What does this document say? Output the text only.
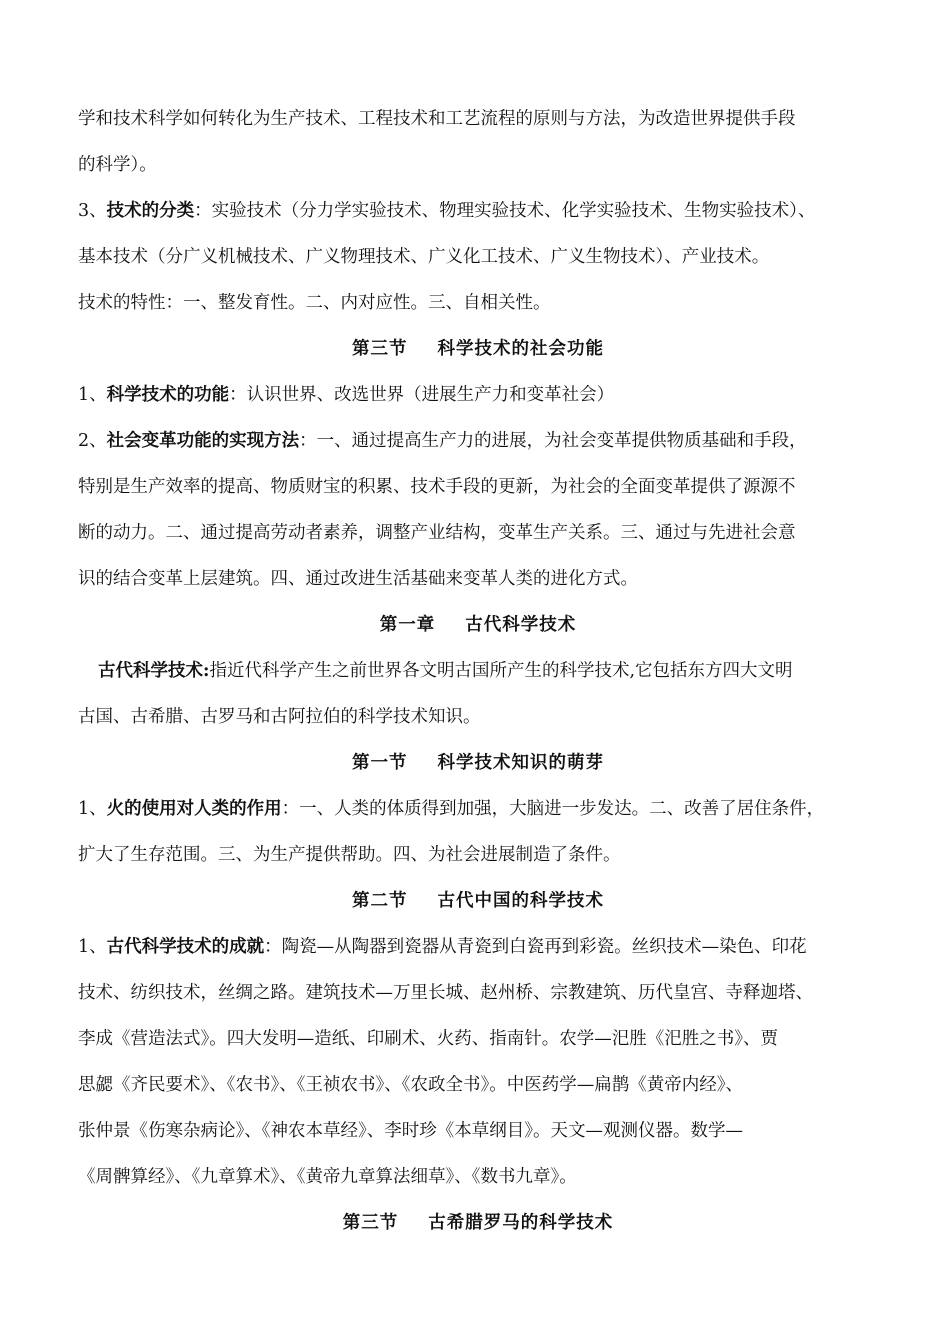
学和技术科学如何转化为生产技术、工程技术和工艺流程的原则与方法，为改造世界提供手段
的科学）。
3、技术的分类：实验技术（分力学实验技术、物理实验技术、化学实验技术、生物实验技术）、
基本技术（分广义机械技术、广义物理技术、广义化工技术、广义生物技术）、产业技术。
技术的特性：一、整发育性。二、内对应性。三、自相关性。
第三节 科学技术的社会功能
1、科学技术的功能：认识世界、改选世界（进展生产力和变革社会）
2、社会变革功能的实现方法：一、通过提高生产力的进展，为社会变革提供物质基础和手段，
特别是生产效率的提高、物质财宝的积累、技术手段的更新，为社会的全面变革提供了源源不
断的动力。二、通过提高劳动者素养，调整产业结构，变革生产关系。三、通过与先进社会意
识的结合变革上层建筑。四、通过改进生活基础来变革人类的进化方式。
第一章 古代科学技术
古代科学技术:指近代科学产生之前世界各文明古国所产生的科学技术,它包括东方四大文明
古国、古希腊、古罗马和古阿拉伯的科学技术知识。
第一节 科学技术知识的萌芽
1、火的使用对人类的作用：一、人类的体质得到加强，大脑进一步发达。二、改善了居住条件，
扩大了生存范围。三、为生产提供帮助。四、为社会进展制造了条件。
第二节 古代中国的科学技术
1、古代科学技术的成就：陶瓷—从陶器到瓷器从青瓷到白瓷再到彩瓷。丝织技术—染色、印花
技术、纺织技术，丝绸之路。建筑技术—万里长城、赵州桥、宗教建筑、历代皇宫、寺释迦塔、
李成《营造法式》。四大发明—造纸、印刷术、火药、指南针。农学—汜胜《汜胜之书》、贾
思勰《齐民要术》、《农书》、《王祯农书》、《农政全书》。中医药学—扁鹊《黄帝内经》、
张仲景《伤寒杂病论》、《神农本草经》、李时珍《本草纲目》。天文—观测仪器。数学—
《周髀算经》、《九章算术》、《黄帝九章算法细草》、《数书九章》。
第三节 古希腊罗马的科学技术
